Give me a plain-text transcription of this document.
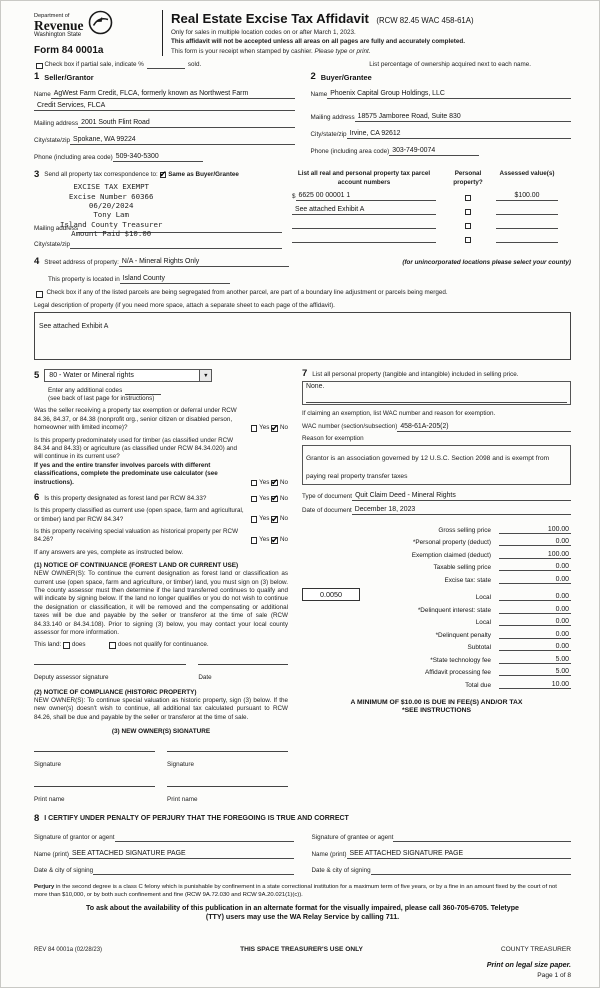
Department of
Revenue
Washington State
Form 84 0001a
Real Estate Excise Tax Affidavit (RCW 82.45 WAC 458-61A)
Only for sales in multiple location codes on or after March 1, 2023.
This affidavit will not be accepted unless all areas on all pages are fully and accurately completed.
This form is your receipt when stamped by cashier. Please type or print.
Check box if partial sale, indicate %	sold.	List percentage of ownership acquired next to each name.
1 Seller/Grantor
Name AgWest Farm Credit, FLCA, formerly known as Northwest Farm
Credit Services, FLCA
Mailing address 2001 South Flint Road
City/state/zip Spokane, WA 99224
Phone (including area code) 509-340-5300
2 Buyer/Grantee
Name Phoenix Capital Group Holdings, LLC
Mailing address 18575 Jamboree Road, Suite 830
City/state/zip Irvine, CA 92612
Phone (including area code) 303-749-0074
3 Send all property tax correspondence to: ✔ Same as Buyer/Grantee
EXCISE TAX EXEMPT
Excise Number 60366
06/20/2024
Tony Lam
Island County Treasurer
Amount Paid $10.00
Mailing address
City/state/zip
List all real and personal property tax parcel account numbers
Personal property?
Assessed value(s)
$ 6625 00 00001 1	$100.00
See attached Exhibit A
4 Street address of property: N/A - Mineral Rights Only	(for unincorporated locations please select your county)
This property is located in Island County
Check box if any of the listed parcels are being segregated from another parcel, are part of a boundary line adjustment or parcels being merged.
Legal description of property (if you need more space, attach a separate sheet to each page of the affidavit).
See attached Exhibit A
5 80 - Water or Mineral rights	▼
Enter any additional codes
(see back of last page for instructions)
Was the seller receiving a property tax exemption or deferral under RCW 84.36, 84.37, or 84.38 (nonprofit org., senior citizen or disabled person, homeowner with limited income)?	Yes ✔ No
Is this property predominately used for timber (as classified under RCW 84.34 and 84.33) or agriculture (as classified under RCW 84.34.020) and will continue in its current use?
If yes and the entire transfer involves parcels with different classifications, complete the predominate use calculator (see instructions).	Yes ✔ No
6 Is this property designated as forest land per RCW 84.33?	Yes ✔ No
Is this property classified as current use (open space, farm and agricultural, or timber) land per RCW 84.34?	Yes ✔ No
Is this property receiving special valuation as historical property per RCW 84.26?	Yes ✔ No
If any answers are yes, complete as instructed below.
(1) NOTICE OF CONTINUANCE (FOREST LAND OR CURRENT USE)
NEW OWNER(S): To continue the current designation as forest land or classification as current use (open space, farm and agriculture, or timber) land, you must sign on (3) below. The county assessor must then determine if the land transferred continues to qualify and will indicate by signing below. If the land no longer qualifies or you do not wish to continue the designation or classification, it will be removed and the compensating or additional taxes will be due and payable by the seller or transferor at the time of sale (RCW 84.33.140 or 84.34.108). Prior to signing (3) below, you may contact your local county assessor for more information.
This land: does	does not qualify for continuance.
Deputy assessor signature	Date
(2) NOTICE OF COMPLIANCE (HISTORIC PROPERTY)
NEW OWNER(S): To continue special valuation as historic property, sign (3) below. If the new owner(s) doesn't wish to continue, all additional tax calculated pursuant to RCW 84.26, shall be due and payable by the seller or transferor at the time of sale.
(3) NEW OWNER(S) SIGNATURE
Signature	Signature
Print name	Print name
7 List all personal property (tangible and intangible) included in selling price.
None.
If claiming an exemption, list WAC number and reason for exemption.
WAC number (section/subsection) 458-61A-205(2)
Reason for exemption
Grantor is an association governed by 12 U.S.C. Section 2098 and is exempt from paying real property transfer taxes
Type of document Quit Claim Deed - Mineral Rights
Date of document December 18, 2023
Gross selling price	100.00
*Personal property (deduct)	0.00
Exemption claimed (deduct)	100.00
Taxable selling price	0.00
Excise tax: state	0.00
0.0050	Local	0.00
*Delinquent interest: state	0.00
Local	0.00
*Delinquent penalty	0.00
Subtotal	0.00
*State technology fee	5.00
Affidavit processing fee	5.00
Total due	10.00
A MINIMUM OF $10.00 IS DUE IN FEE(S) AND/OR TAX
*SEE INSTRUCTIONS
8 I CERTIFY UNDER PENALTY OF PERJURY THAT THE FOREGOING IS TRUE AND CORRECT
Signature of grantor or agent
Name (print) SEE ATTACHED SIGNATURE PAGE
Date & city of signing
Signature of grantee or agent
Name (print) SEE ATTACHED SIGNATURE PAGE
Date & city of signing
Perjury in the second degree is a class C felony which is punishable by confinement in a state correctional institution for a maximum term of five years, or by a fine in an amount fixed by the court of not more than $10,000, or by both such confinement and fine (RCW 9A.72.030 and RCW 9A.20.021(1)(c)).
To ask about the availability of this publication in an alternate format for the visually impaired, please call 360-705-6705. Teletype
(TTY) users may use the WA Relay Service by calling 711.
REV 84 0001a (02/28/23)	THIS SPACE TREASURER'S USE ONLY	COUNTY TREASURER
Print on legal size paper.
Page 1 of 8
